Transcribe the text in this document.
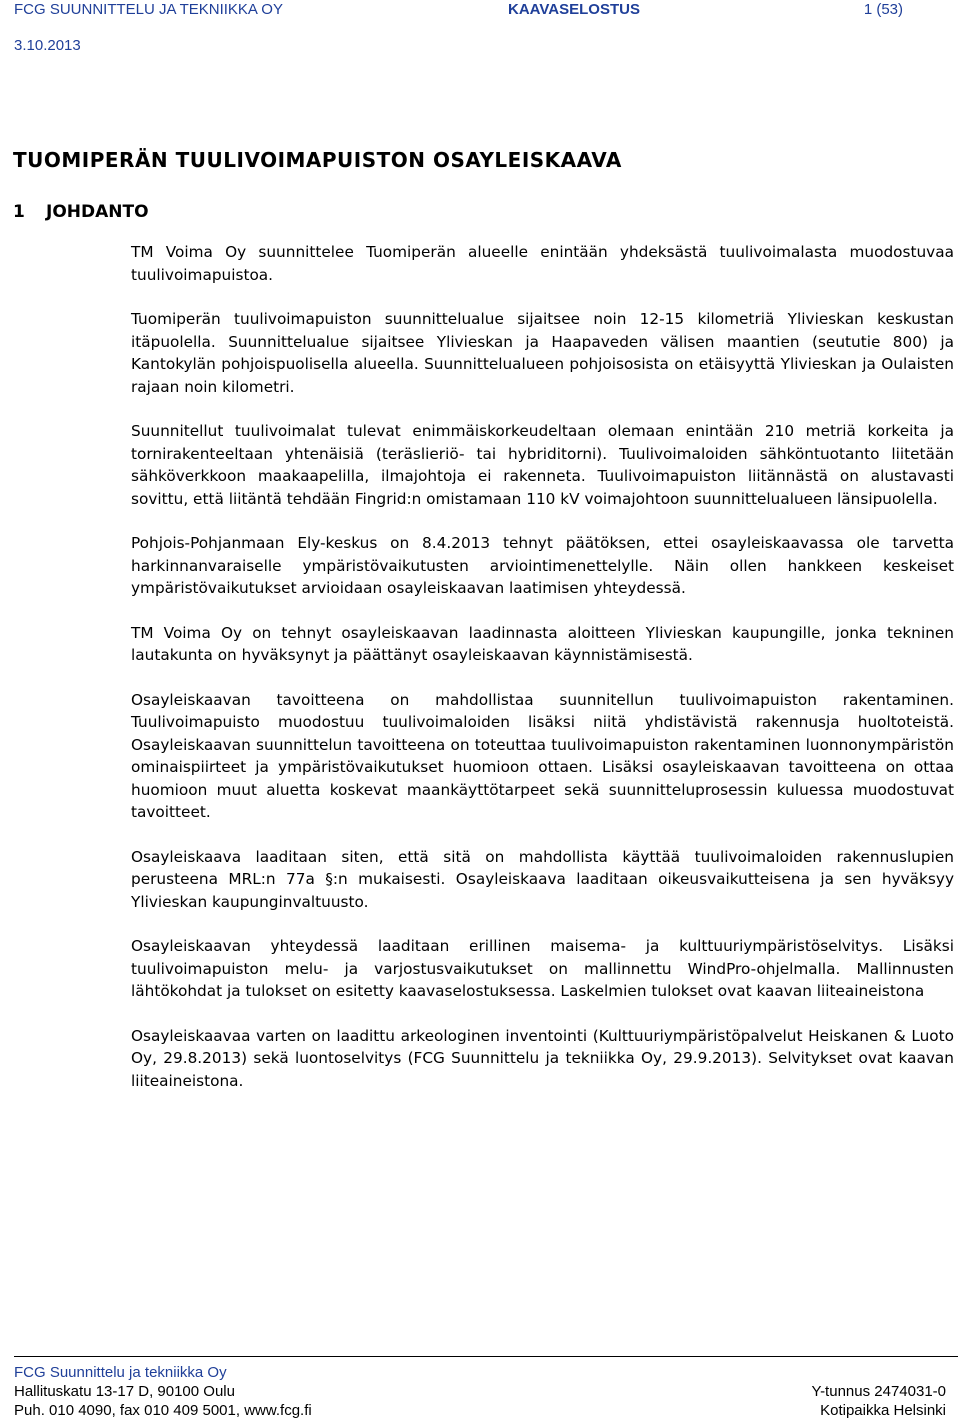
FCG SUUNNITTELU JA TEKNIIKKA OY	KAAVASELOSTUS	1 (53)
3.10.2013
TUOMIPERÄN TUULIVOIMAPUISTON OSAYLEISKAAVA
1 JOHDANTO

TM Voima Oy suunnittelee Tuomiperän alueelle enintään yhdeksästä tuulivoimalasta muodostuvaa tuulivoimapuistoa.

Tuomiperän tuulivoimapuiston suunnittelualue sijaitsee noin 12-15 kilometriä Ylivieskan keskustan itäpuolella. Suunnittelualue sijaitsee Ylivieskan ja Haapaveden välisen maantien (seututie 800) ja Kantokylän pohjoispuolisella alueella. Suunnittelualueen pohjoisosista on etäisyyttä Ylivieskan ja Oulaisten rajaan noin kilometri.

Suunnitellut tuulivoimalat tulevat enimmäiskorkeudeltaan olemaan enintään 210 metriä korkeita ja tornirakenteeltaan yhtenäisiä (teräslieriö- tai hybriditorni). Tuulivoimaloiden sähköntuotanto liitetään sähköverkkoon maakaapelilla, ilmajohtoja ei rakenneta. Tuulivoimapuiston liitännästä on alustavasti sovittu, että liitäntä tehdään Fingrid:n omistamaan 110 kV voimajohtoon suunnittelualueen länsipuolella.

Pohjois-Pohjanmaan Ely-keskus on 8.4.2013 tehnyt päätöksen, ettei osayleiskaavassa ole tarvetta harkinnanvaraiselle ympäristövaikutusten arviointimenettelylle. Näin ollen hankkeen keskeiset ympäristövaikutukset arvioidaan osayleiskaavan laatimisen yhteydessä.

TM Voima Oy on tehnyt osayleiskaavan laadinnasta aloitteen Ylivieskan kaupungille, jonka tekninen lautakunta on hyväksynyt ja päättänyt osayleiskaavan käynnistämisestä.

Osayleiskaavan tavoitteena on mahdollistaa suunnitellun tuulivoimapuiston rakentaminen. Tuulivoimapuisto muodostuu tuulivoimaloiden lisäksi niitä yhdistävistä rakennusja huoltoteistä. Osayleiskaavan suunnittelun tavoitteena on toteuttaa tuulivoimapuiston rakentaminen luonnonympäristön ominaispiirteet ja ympäristövaikutukset huomioon ottaen. Lisäksi osayleiskaavan tavoitteena on ottaa huomioon muut aluetta koskevat maankäyttötarpeet sekä suunnitteluprosessin kuluessa muodostuvat tavoitteet.

Osayleiskaava laaditaan siten, että sitä on mahdollista käyttää tuulivoimaloiden rakennuslupien perusteena MRL:n 77a §:n mukaisesti. Osayleiskaava laaditaan oikeusvaikutteisena ja sen hyväksyy Ylivieskan kaupunginvaltuusto.

Osayleiskaavan yhteydessä laaditaan erillinen maisema- ja kulttuuriympäristöselvitys. Lisäksi tuulivoimapuiston melu- ja varjostusvaikutukset on mallinnettu WindPro-ohjelmalla. Mallinnusten lähtökohdat ja tulokset on esitetty kaavaselostuksessa. Laskelmien tulokset ovat kaavan liiteaineistona

Osayleiskaavaa varten on laadittu arkeologinen inventointi (Kulttuuriympäristöpalvelut Heiskanen & Luoto Oy, 29.8.2013) sekä luontoselvitys (FCG Suunnittelu ja tekniikka Oy, 29.9.2013). Selvitykset ovat kaavan liiteaineistona.

FCG Suunnittelu ja tekniikka Oy
Hallituskatu 13-17 D, 90100 Oulu
Puh. 010 4090, fax 010 409 5001, www.fcg.fi
Y-tunnus 2474031-0
Kotipaikka Helsinki
